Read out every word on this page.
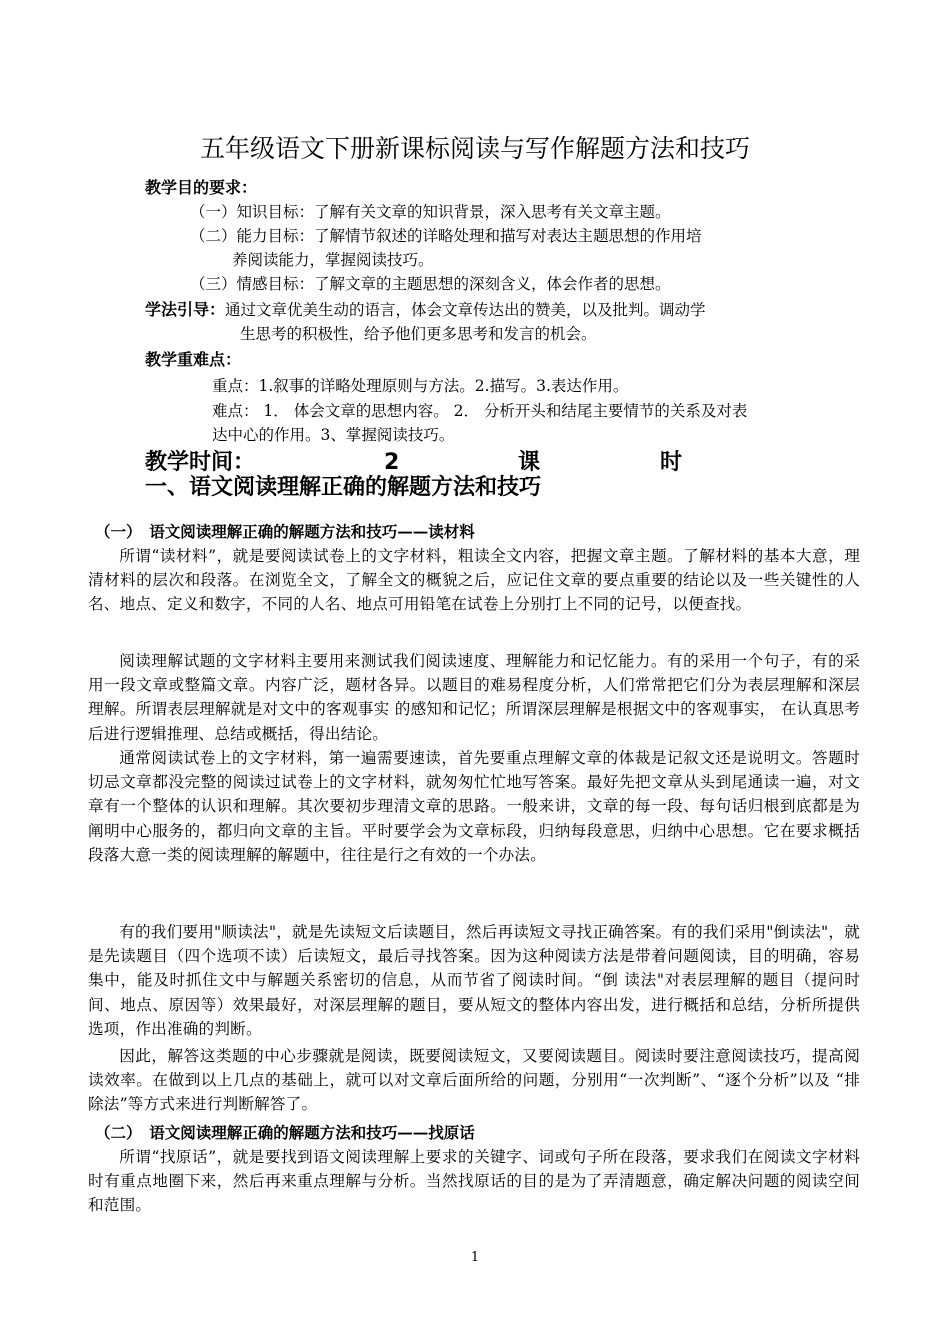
五年级语文下册新课标阅读与写作解题方法和技巧
教学目的要求：
（一）知识目标：了解有关文章的知识背景，深入思考有关文章主题。
（二）能力目标：了解情节叙述的详略处理和描写对表达主题思想的作用培
养阅读能力，掌握阅读技巧。
（三）情感目标：了解文章的主题思想的深刻含义，体会作者的思想。
学法引导：通过文章优美生动的语言，体会文章传达出的赞美，以及批判。调动学
生思考的积极性，给予他们更多思考和发言的机会。
教学重难点：
重点：1.叙事的详略处理原则与方法。2.描写。3.表达作用。
难点： 1． 体会文章的思想内容。 2． 分析开头和结尾主要情节的关系及对表
达中心的作用。3、掌握阅读技巧。
教学时间：	2	课	时
一、语文阅读理解正确的解题方法和技巧
（一）　语文阅读理解正确的解题方法和技巧——读材料
所谓“读材料”，就是要阅读试卷上的文字材料，粗读全文内容，把握文章主题。了解材料的基本大意，理清材料的层次和段落。在浏览全文，了解全文的概貌之后，应记住文章的要点重要的结论以及一些关键性的人名、地点、定义和数字，不同的人名、地点可用铅笔在试卷上分别打上不同的记号，以便查找。
阅读理解试题的文字材料主要用来测试我们阅读速度、理解能力和记忆能力。有的采用一个句子，有的采用一段文章或整篇文章。内容广泛，题材各异。以题目的难易程度分析，人们常常把它们分为表层理解和深层理解。所谓表层理解就是对文中的客观事实 的感知和记忆；所谓深层理解是根据文中的客观事实， 在认真思考后进行逻辑推理、总结或概括，得出结论。
通常阅读试卷上的文字材料，第一遍需要速读，首先要重点理解文章的体裁是记叙文还是说明文。答题时切忌文章都没完整的阅读过试卷上的文字材料，就匆匆忙忙地写答案。最好先把文章从头到尾通读一遍，对文章有一个整体的认识和理解。其次要初步理清文章的思路。一般来讲，文章的每一段、每句话归根到底都是为阐明中心服务的，都归向文章的主旨。平时要学会为文章标段，归纳每段意思，归纳中心思想。它在要求概括段落大意一类的阅读理解的解题中，往往是行之有效的一个办法。
有的我们要用"顺读法"，就是先读短文后读题目，然后再读短文寻找正确答案。有的我们采用"倒读法"，就是先读题目（四个选项不读）后读短文，最后寻找答案。因为这种阅读方法是带着问题阅读，目的明确，容易集中，能及时抓住文中与解题关系密切的信息，从而节省了阅读时间。“倒 读法"对表层理解的题目（提问时间、地点、原因等）效果最好，对深层理解的题目，要从短文的整体内容出发，进行概括和总结，分析所提供选项，作出准确的判断。
因此，解答这类题的中心步骤就是阅读，既要阅读短文，又要阅读题目。阅读时要注意阅读技巧，提高阅读效率。在做到以上几点的基础上，就可以对文章后面所给的问题，分别用“一次判断”、“逐个分析”以及 “排除法”等方式来进行判断解答了。
（二）　语文阅读理解正确的解题方法和技巧——找原话
所谓“找原话”，就是要找到语文阅读理解上要求的关键字、词或句子所在段落，要求我们在阅读文字材料时有重点地圈下来，然后再来重点理解与分析。当然找原话的目的是为了弄清题意，确定解决问题的阅读空间和范围。
1
